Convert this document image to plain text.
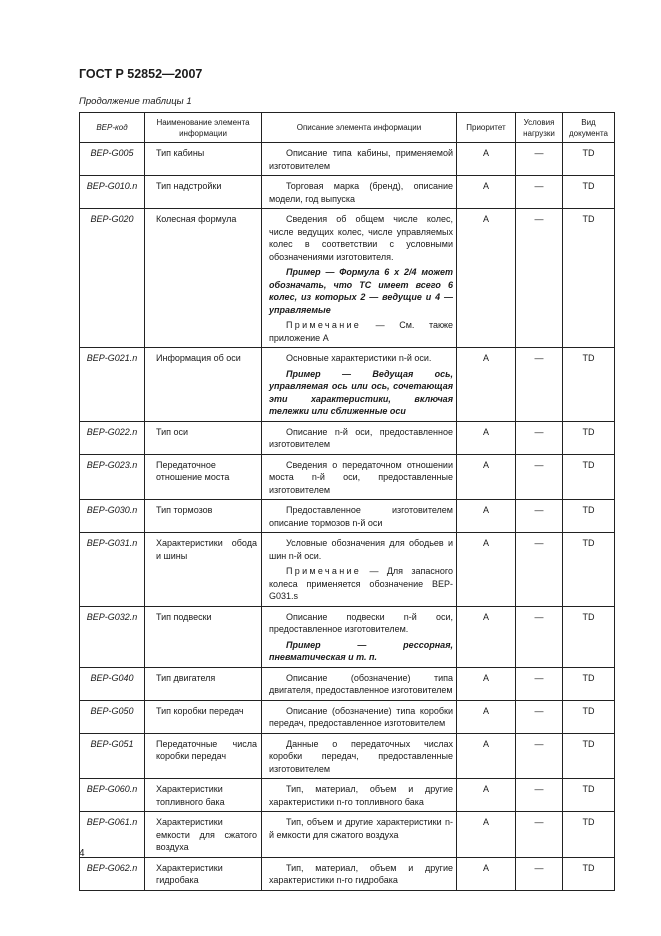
ГОСТ Р 52852—2007
Продолжение таблицы 1
BEP-код	Наименование элемента информации	Описание элемента информации	Приоритет	Условия нагрузки	Вид документа
BEP-G005	Тип кабины	Описание типа кабины, применяемой изготовителем	A	—	TD
BEP-G010.n	Тип надстройки	Торговая марка (бренд), описание модели, год выпуска	A	—	TD
BEP-G020	Колесная формула	Сведения об общем числе колес, числе ведущих колес, числе управляемых колес в соответствии с условными обозначениями изготовителя.

Пример — Формула 6 х 2/4 может обозначать, что ТС имеет всего 6 колес, из которых 2 — ведущие и 4 — управляемые

Примечание — См. также приложение А	A	—	TD
BEP-G021.n	Информация об оси	Основные характеристики n-й оси.

Пример — Ведущая ось, управляемая ось или ось, сочетающая эти характеристики, включая тележки или сближенные оси	A	—	TD
BEP-G022.n	Тип оси	Описание n-й оси, предоставленное изготовителем	A	—	TD
BEP-G023.n	Передаточное отношение моста	Сведения о передаточном отношении моста n-й оси, предоставленные изготовителем	A	—	TD
BEP-G030.n	Тип тормозов	Предоставленное изготовителем описание тормозов n-й оси	A	—	TD
BEP-G031.n	Характеристики обода и шины	Условные обозначения для ободьев и шин n-й оси.

Примечание — Для запасного колеса применяется обозначение BEP-G031.s	A	—	TD
BEP-G032.n	Тип подвески	Описание подвески n-й оси, предоставленное изготовителем.

Пример — рессорная, пневматическая и т. п.	A	—	TD
BEP-G040	Тип двигателя	Описание (обозначение) типа двигателя, предоставленное изготовителем	A	—	TD
BEP-G050	Тип коробки передач	Описание (обозначение) типа коробки передач, предоставленное изготовителем	A	—	TD
BEP-G051	Передаточные числа коробки передач	Данные о передаточных числах коробки передач, предоставленные изготовителем	A	—	TD
BEP-G060.n	Характеристики топливного бака	Тип, материал, объем и другие характеристики n-го топливного бака	A	—	TD
BEP-G061.n	Характеристики емкости для сжатого воздуха	Тип, объем и другие характеристики n-й емкости для сжатого воздуха	A	—	TD
BEP-G062.n	Характеристики гидробака	Тип, материал, объем и другие характеристики n-го гидробака	A	—	TD
4
